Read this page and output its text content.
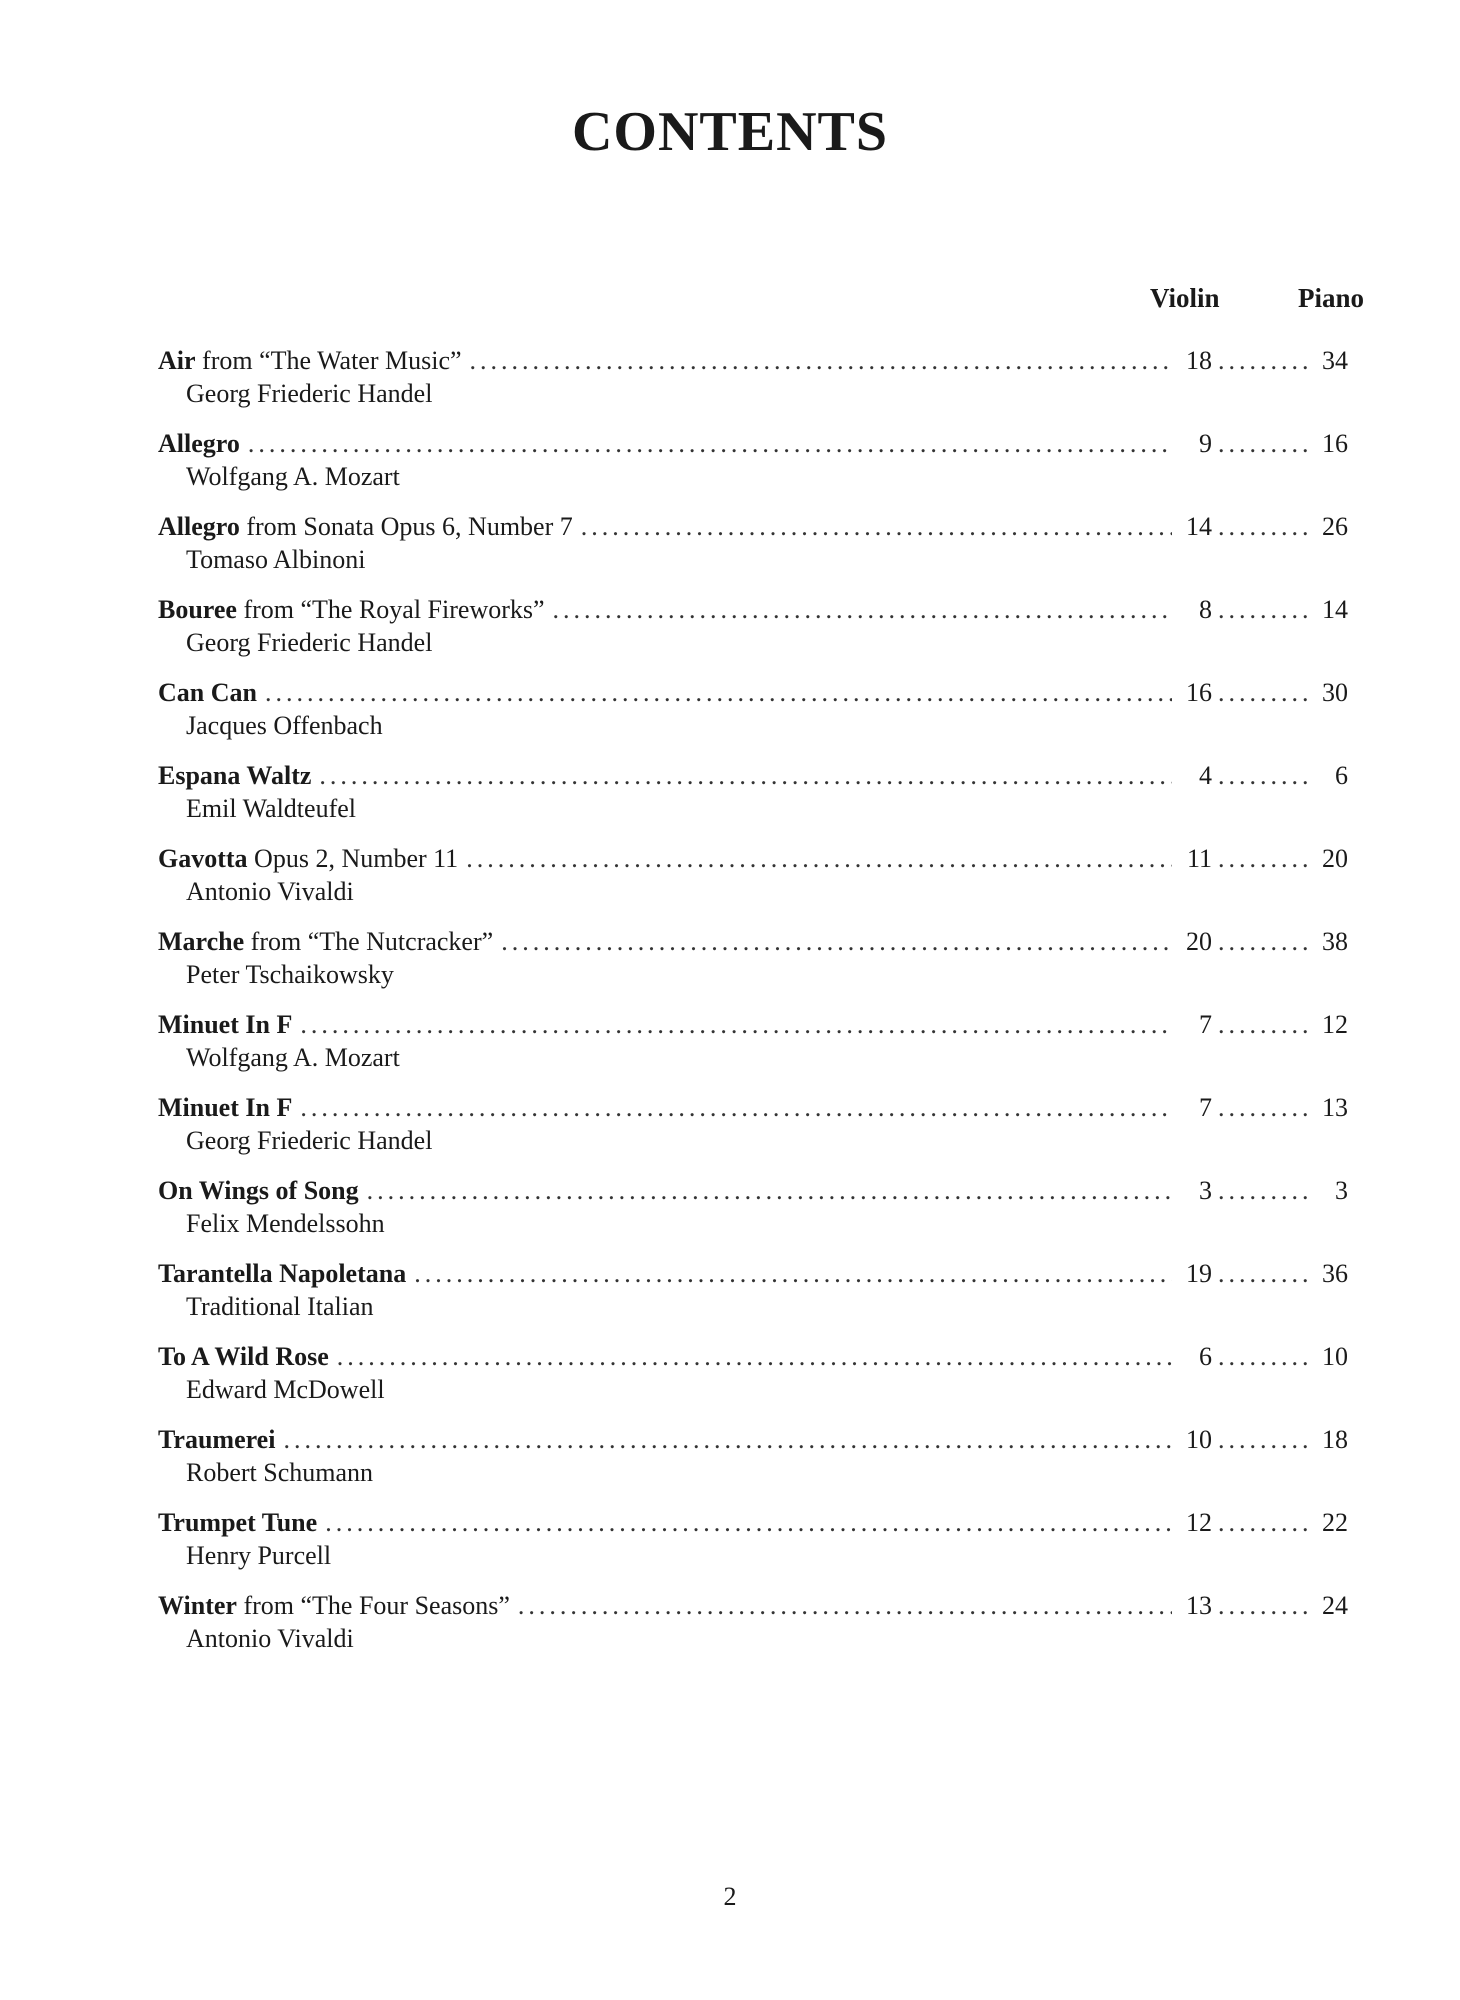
CONTENTS
Violin	Piano
Air from “The Water Music” .....	18 .....	34
Georg Friederic Handel
Allegro .....	9 .....	16
Wolfgang A. Mozart
Allegro from Sonata Opus 6, Number 7 .....	14 .....	26
Tomaso Albinoni
Bouree from “The Royal Fireworks” .....	8 .....	14
Georg Friederic Handel
Can Can .....	16 .....	30
Jacques Offenbach
Espana Waltz .....	4 .....	6
Emil Waldteufel
Gavotta Opus 2, Number 11 .....	11 .....	20
Antonio Vivaldi
Marche from “The Nutcracker” .....	20 .....	38
Peter Tschaikowsky
Minuet In F .....	7 .....	12
Wolfgang A. Mozart
Minuet In F .....	7 .....	13
Georg Friederic Handel
On Wings of Song .....	3 .....	3
Felix Mendelssohn
Tarantella Napoletana .....	19 .....	36
Traditional Italian
To A Wild Rose .....	6 .....	10
Edward McDowell
Traumerei .....	10 .....	18
Robert Schumann
Trumpet Tune .....	12 .....	22
Henry Purcell
Winter from “The Four Seasons” .....	13 .....	24
Antonio Vivaldi
2
